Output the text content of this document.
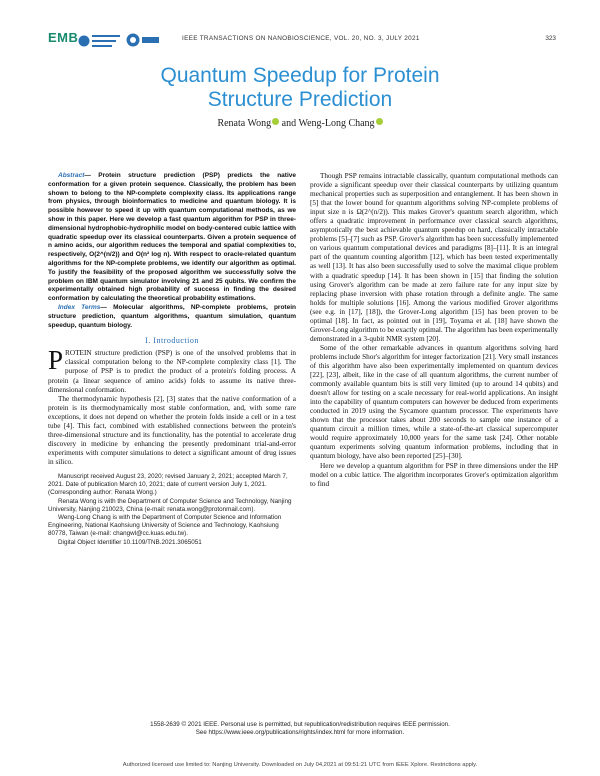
EMB	IEEE TRANSACTIONS ON NANOBIOSCIENCE, VOL. 20, NO. 3, JULY 2021	323
Quantum Speedup for Protein
Structure Prediction
Renata Wong and Weng-Long Chang

Abstract— Protein structure prediction (PSP) predicts the native conformation for a given protein sequence. Classically, the problem has been shown to belong to the NP-complete complexity class. Its applications range from physics, through bioinformatics to medicine and quantum biology. It is possible however to speed it up with quantum computational methods, as we show in this paper. Here we develop a fast quantum algorithm for PSP in three-dimensional hydrophobic-hydrophilic model on body-centered cubic lattice with quadratic speedup over its classical counterparts. Given a protein sequence of n amino acids, our algorithm reduces the temporal and spatial complexities to, respectively, O(2^(n/2)) and O(n² log n). With respect to oracle-related quantum algorithms for the NP-complete problems, we identify our algorithm as optimal. To justify the feasibility of the proposed algorithm we successfully solve the problem on IBM quantum simulator involving 21 and 25 qubits. We confirm the experimentally obtained high probability of success in finding the desired conformation by calculating the theoretical probability estimations.

Index Terms— Molecular algorithms, NP-complete problems, protein structure prediction, quantum algorithms, quantum simulation, quantum speedup, quantum biology.

I. Introduction

PROTEIN structure prediction (PSP) is one of the unsolved problems that in classical computation belong to the NP-complete complexity class [1]. The purpose of PSP is to predict the product of a protein's folding process. A protein (a linear sequence of amino acids) folds to assume its native three-dimensional conformation.

The thermodynamic hypothesis [2], [3] states that the native conformation of a protein is its thermodynamically most stable conformation, and, with some rare exceptions, it does not depend on whether the protein folds inside a cell or in a test tube [4]. This fact, combined with established connections between the protein's three-dimensional structure and its functionality, has the potential to accelerate drug discovery in medicine by enhancing the presently predominant trial-and-error experiments with computer simulations to detect a significant amount of drug issues in silico.

Manuscript received August 23, 2020; revised January 2, 2021; accepted March 7, 2021. Date of publication March 10, 2021; date of current version July 1, 2021. (Corresponding author: Renata Wong.)

Renata Wong is with the Department of Computer Science and Technology, Nanjing University, Nanjing 210023, China (e-mail: renata.wong@protonmail.com).

Weng-Long Chang is with the Department of Computer Science and Information Engineering, National Kaohsiung University of Science and Technology, Kaohsiung 80778, Taiwan (e-mail: changwl@cc.kuas.edu.tw).

Digital Object Identifier 10.1109/TNB.2021.3065051

Though PSP remains intractable classically, quantum computational methods can provide a significant speedup over their classical counterparts by utilizing quantum mechanical properties such as superposition and entanglement. It has been shown in [5] that the lower bound for quantum algorithms solving NP-complete problems of input size n is Ω(2^(n/2)). This makes Grover's quantum search algorithm, which offers a quadratic improvement in performance over classical search algorithms, asymptotically the best achievable quantum speedup on hard, classically intractable problems [5]–[7] such as PSP. Grover's algorithm has been successfully implemented on various quantum computational devices and paradigms [8]–[11]. It is an integral part of the quantum counting algorithm [12], which has been tested experimentally as well [13]. It has also been successfully used to solve the maximal clique problem with a quadratic speedup [14]. It has been shown in [15] that finding the solution using Grover's algorithm can be made at zero failure rate for any input size by replacing phase inversion with phase rotation through a definite angle. The same holds for multiple solutions [16]. Among the various modified Grover algorithms (see e.g. in [17], [18]), the Grover-Long algorithm [15] has been proven to be optimal [18]. In fact, as pointed out in [19], Toyama et al. [18] have shown the Grover-Long algorithm to be exactly optimal. The algorithm has been experimentally demonstrated in a 3-qubit NMR system [20].

Some of the other remarkable advances in quantum algorithms solving hard problems include Shor's algorithm for integer factorization [21]. Very small instances of this algorithm have also been experimentally implemented on quantum devices [22], [23], albeit, like in the case of all quantum algorithms, the current number of commonly available quantum bits is still very limited (up to around 14 qubits) and doesn't allow for testing on a scale necessary for real-world applications. An insight into the capability of quantum computers can however be deduced from experiments conducted in 2019 using the Sycamore quantum processor. The experiments have shown that the processor takes about 200 seconds to sample one instance of a quantum circuit a million times, while a state-of-the-art classical supercomputer would require approximately 10,000 years for the same task [24]. Other notable quantum experiments solving quantum information problems, including that in quantum biology, have also been reported [25]–[30].

Here we develop a quantum algorithm for PSP in three dimensions under the HP model on a cubic lattice. The algorithm incorporates Grover's optimization algorithm to find

1558-2639 © 2021 IEEE. Personal use is permitted, but republication/redistribution requires IEEE permission.
See https://www.ieee.org/publications/rights/index.html for more information.
Authorized licensed use limited to: Nanjing University. Downloaded on July 04,2021 at 09:51:21 UTC from IEEE Xplore. Restrictions apply.
